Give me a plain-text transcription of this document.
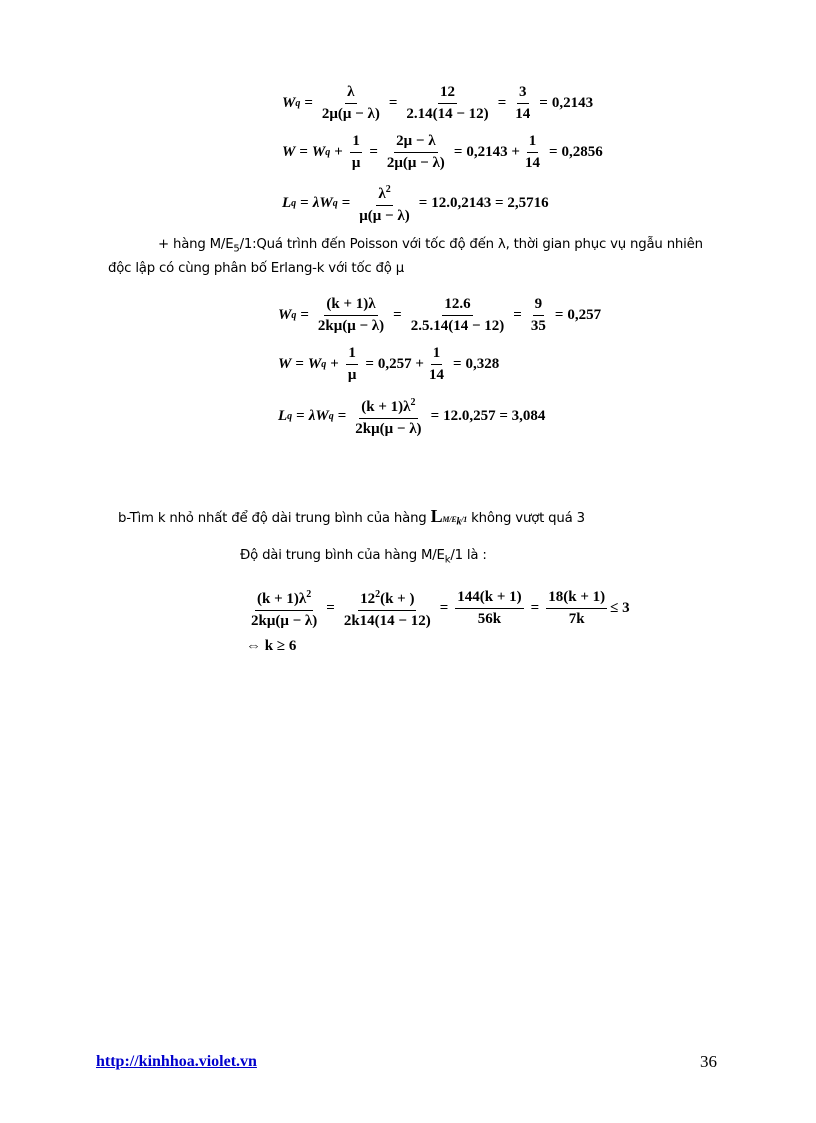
W $q = \frac{\lambda}{2\mu(\mu - \lambda)} = \frac{12}{2.14(14 - 12)} = \frac{3}{14} = 0,2143$
W = W $q + \frac{1}{\mu} = \frac{2\mu - \lambda}{2\mu(\mu - \lambda)} = 0,2143 + \frac{1}{14} = 0,2856$
L q = λW $q = \frac{\lambda^2}{\mu(\mu - \lambda)} = 12.0,2143 = 2,5716$
+ hàng $M/E_5/1:Quá$ trình đến Poisson với tốc độ đến λ, thời gian phục vụ ngẫu nhiên
độc lập có cùng phân bố Erlang-k với tốc độ μ
W $q = \frac{(k + 1)\lambda}{2k\mu(\mu - \lambda)} = \frac{12.6}{2.5.14(14 - 12)} = \frac{9}{35} = 0,257$
W = W $q + \frac{1}{\mu} = 0,257 + \frac{1}{14} = 0,328$
L q = λW $q = \frac{(k + 1)\lambda^2}{2k\mu(\mu - \lambda)} = 12.0,257 = 3,084$
b-Tìm k nhỏ nhất để độ dài trung bình của hàng $LM/E_k/1$ không vượt quá 3
Độ dài trung bình của hàng $M/E_k/1$ là :
$\frac{(k + 1)\lambda^2}{2k\mu(\mu - \lambda)} = \frac{12^2(k + )}{2k14(14 - 12)} = \frac{144(k + 1)}{56k} = \frac{18(k + 1)}{7k} \le 3$
⇔ k ≥ 6
http://kinhhoa.violet.vn	36
